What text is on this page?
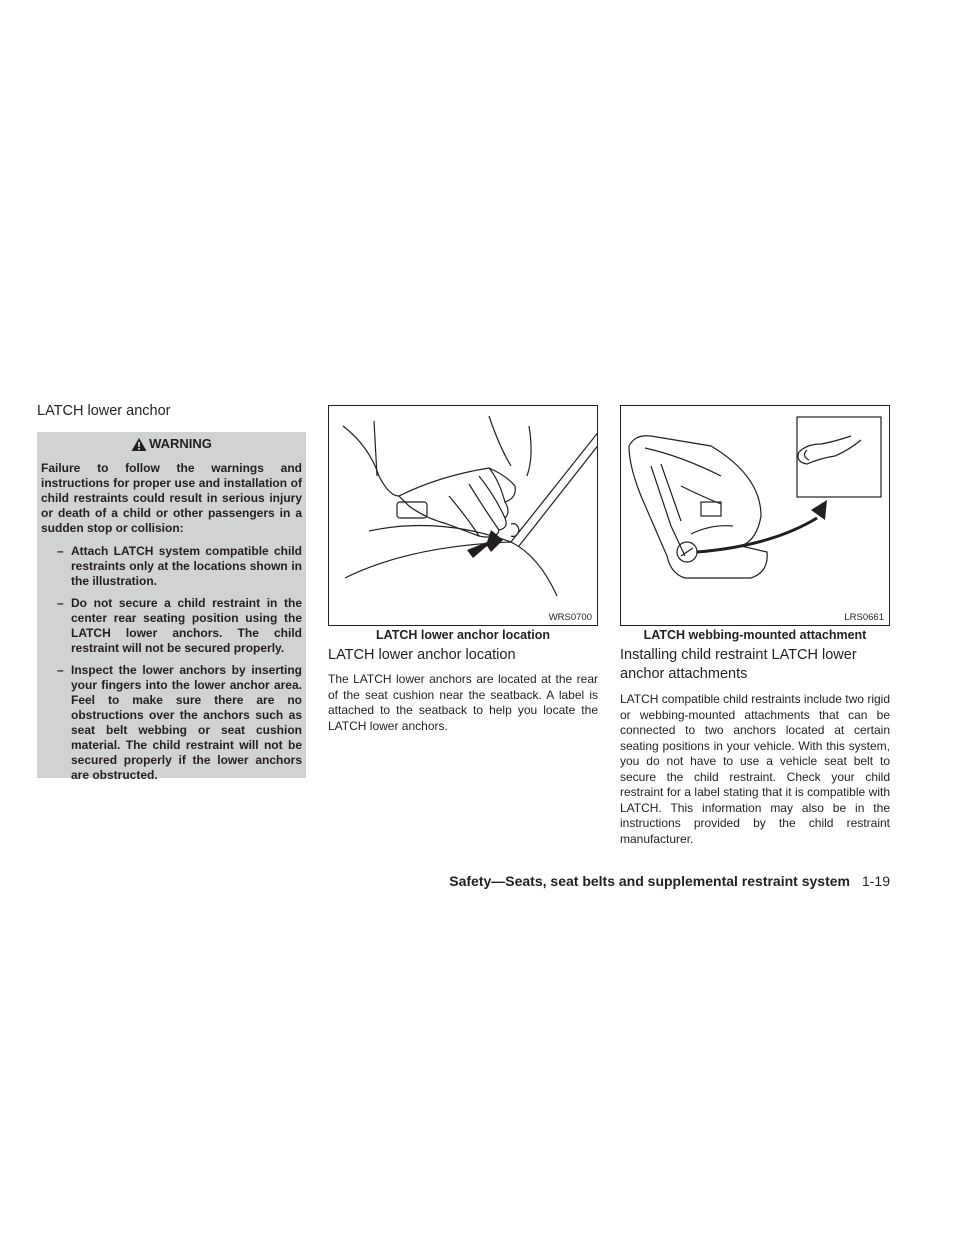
LATCH lower anchor
WARNING

Failure to follow the warnings and instructions for proper use and installation of child restraints could result in serious injury or death of a child or other passengers in a sudden stop or collision:

– Attach LATCH system compatible child restraints only at the locations shown in the illustration.
– Do not secure a child restraint in the center rear seating position using the LATCH lower anchors. The child restraint will not be secured properly.
– Inspect the lower anchors by inserting your fingers into the lower anchor area. Feel to make sure there are no obstructions over the anchors such as seat belt webbing or seat cushion material. The child restraint will not be secured properly if the lower anchors are obstructed.
WRS0700
LATCH lower anchor location
LATCH lower anchor location

The LATCH lower anchors are located at the rear of the seat cushion near the seatback. A label is attached to the seatback to help you locate the LATCH lower anchors.

LRS0661
LATCH webbing-mounted attachment
Installing child restraint LATCH lower anchor attachments

LATCH compatible child restraints include two rigid or webbing-mounted attachments that can be connected to two anchors located at certain seating positions in your vehicle. With this system, you do not have to use a vehicle seat belt to secure the child restraint. Check your child restraint for a label stating that it is compatible with LATCH. This information may also be in the instructions provided by the child restraint manufacturer.

Safety—Seats, seat belts and supplemental restraint system 1-19
